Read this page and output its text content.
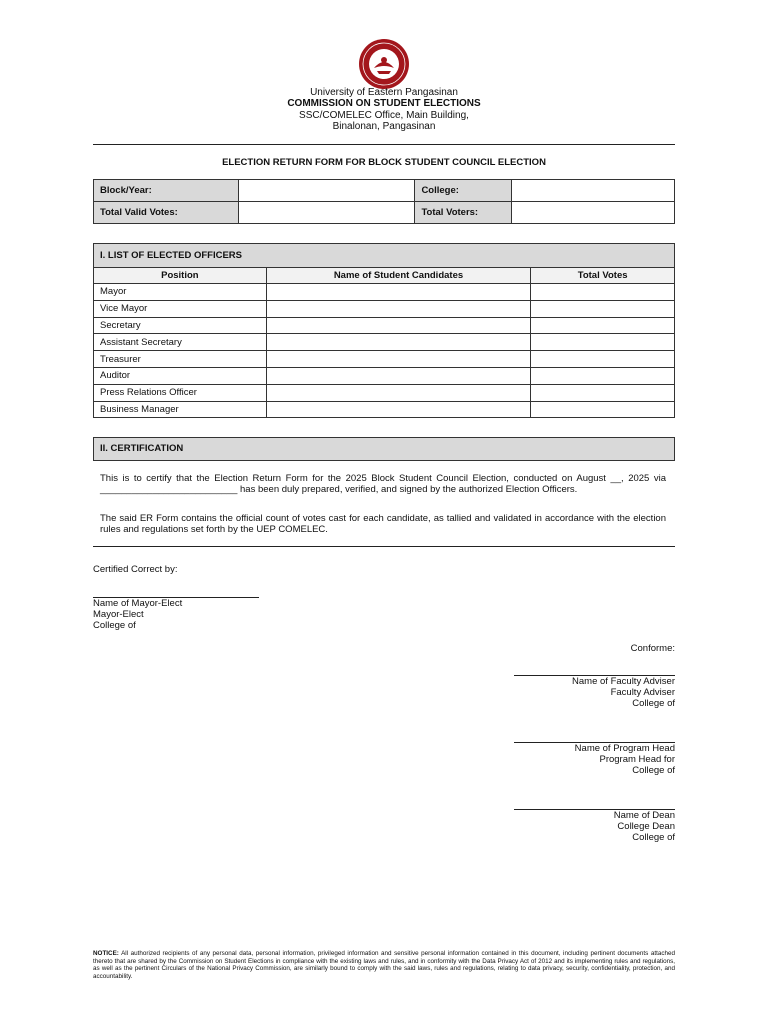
University of Eastern Pangasinan
COMMISSION ON STUDENT ELECTIONS
SSC/COMELEC Office, Main Building,
Binalonan, Pangasinan
ELECTION RETURN FORM FOR BLOCK STUDENT COUNCIL ELECTION
Block/Year:		College:	
Total Valid Votes:		Total Voters:	
I. LIST OF ELECTED OFFICERS		
Position	Name of Student Candidates	Total Votes
Mayor		
Vice Mayor		
Secretary		
Assistant Secretary		
Treasurer		
Auditor		
Press Relations Officer		
Business Manager		
II. CERTIFICATION
This is to certify that the Election Return Form for the 2025 Block Student Council Election, conducted on August __, 2025 via __________________________ has been duly prepared, verified, and signed by the authorized Election Officers.
The said ER Form contains the official count of votes cast for each candidate, as tallied and validated in accordance with the election rules and regulations set forth by the UEP COMELEC.
Certified Correct by:
Name of Mayor-Elect
Mayor-Elect
College of
Conforme:
Name of Faculty Adviser
Faculty Adviser
College of
Name of Program Head
Program Head for
College of
Name of Dean
College Dean
College of
NOTICE: All authorized recipients of any personal data, personal information, privileged information and sensitive personal information contained in this document, including pertinent documents attached thereto that are shared by the Commission on Student Elections in compliance with the existing laws and rules, and in conformity with the Data Privacy Act of 2012 and its implementing rules and regulations, as well as the pertinent Circulars of the National Privacy Commission, are similarly bound to comply with the said laws, rules and regulations, relating to data privacy, security, confidentiality, protection, and accountability.
